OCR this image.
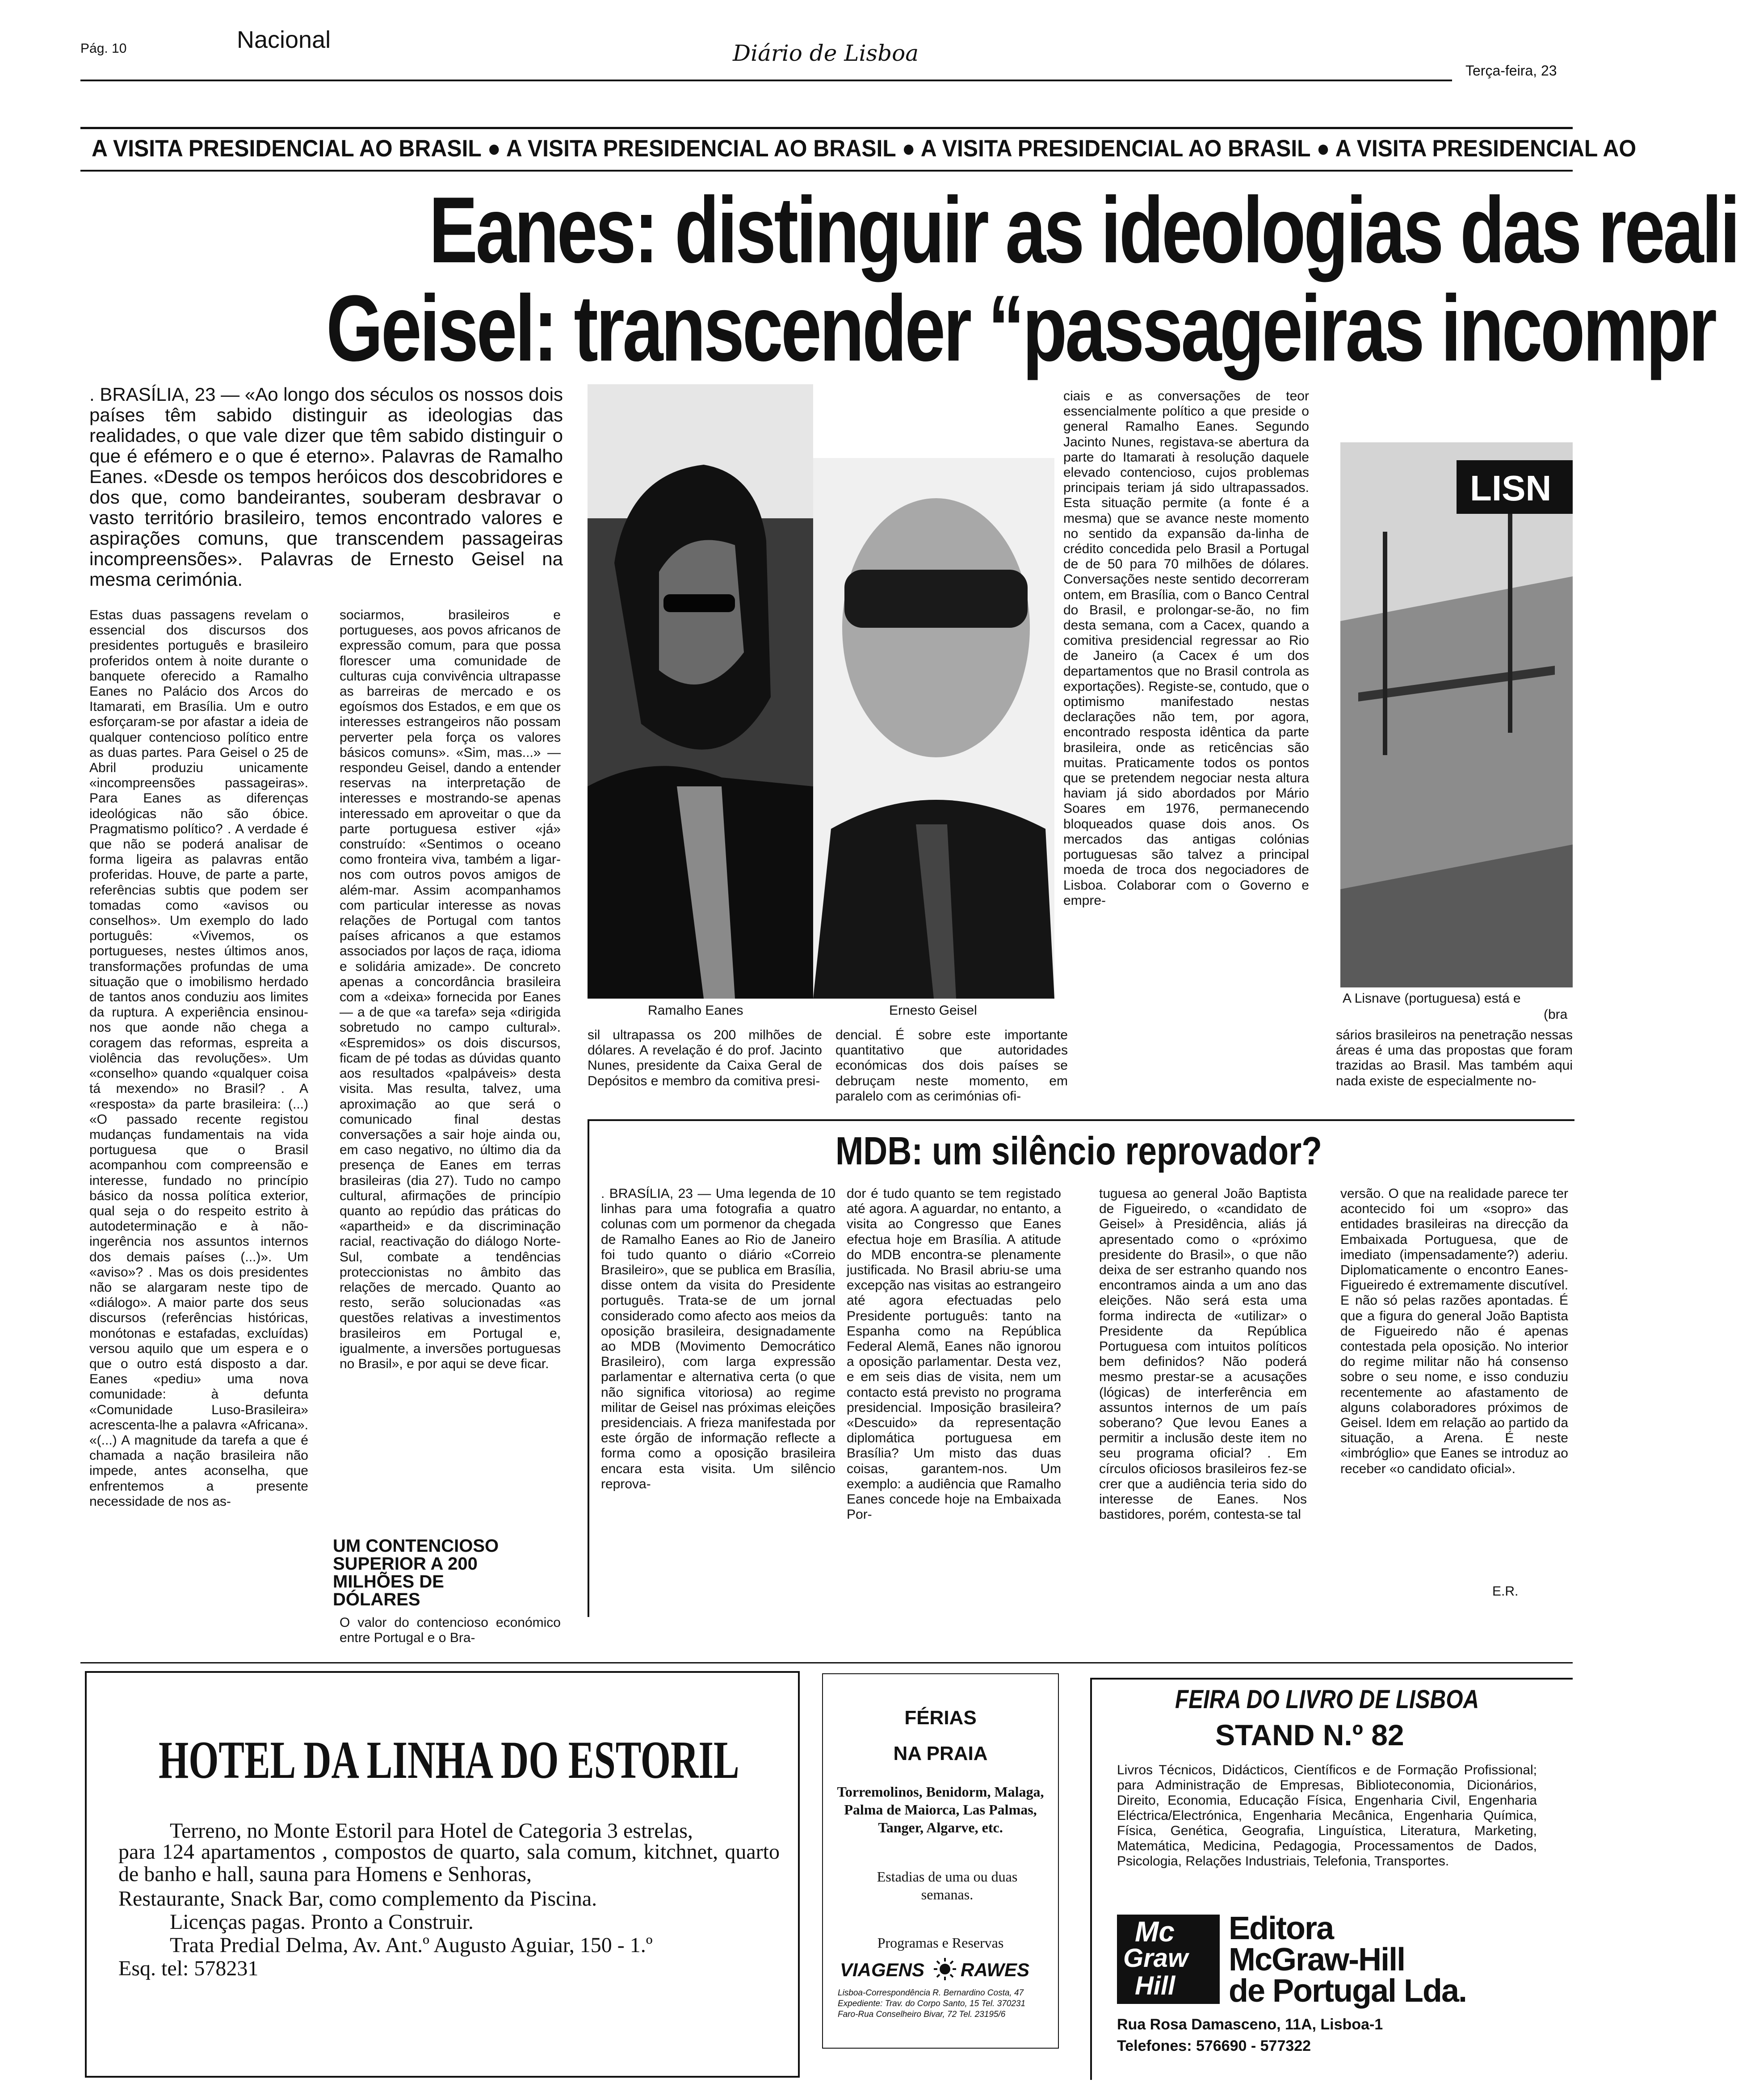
Pág. 10	Nacional	Diário de Lisboa
Terça-feira, 23
A VISITA PRESIDENCIAL AO BRASIL ● A VISITA PRESIDENCIAL AO BRASIL ● A VISITA PRESIDENCIAL AO BRASIL ● A VISITA PRESIDENCIAL AO
Eanes: distinguir as ideologias das reali
Geisel: transcender “passageiras incompr
. BRASÍLIA, 23 — «Ao longo dos séculos os nossos dois países têm sabido distinguir as ideologias das realidades, o que vale dizer que têm sabido distinguir o que é efémero e o que é eterno». Palavras de Ramalho Eanes. «Desde os tempos heróicos dos descobridores e dos que, como bandeirantes, souberam desbravar o vasto território brasileiro, temos encontrado valores e aspirações comuns, que transcendem passageiras incompreensões». Palavras de Ernesto Geisel na mesma cerimónia.
Estas duas passagens revelam o essencial dos discursos dos presidentes português e brasileiro proferidos ontem à noite durante o banquete oferecido a Ramalho Eanes no Palácio dos Arcos do Itamarati, em Brasília. Um e outro esforçaram-se por afastar a ideia de qualquer contencioso político entre as duas partes. Para Geisel o 25 de Abril produziu unicamente «incompreensões passageiras». Para Eanes as diferenças ideológicas não são óbice. Pragmatismo político? . A verdade é que não se poderá analisar de forma ligeira as palavras então proferidas. Houve, de parte a parte, referências subtis que podem ser tomadas como «avisos ou conselhos». Um exemplo do lado português: «Vivemos, os portugueses, nestes últimos anos, transformações profundas de uma situação que o imobilismo herdado de tantos anos conduziu aos limites da ruptura. A experiência ensinou-nos que aonde não chega a coragem das reformas, espreita a violência das revoluções». Um «conselho» quando «qualquer coisa tá mexendo» no Brasil? . A «resposta» da parte brasileira: (...) «O passado recente registou mudanças fundamentais na vida portuguesa que o Brasil acompanhou com compreensão e interesse, fundado no princípio básico da nossa política exterior, qual seja o do respeito estrito à autodeterminação e à não-ingerência nos assuntos internos dos demais países (...)». Um «aviso»? . Mas os dois presidentes não se alargaram neste tipo de «diálogo». A maior parte dos seus discursos (referências históricas, monótonas e estafadas, excluídas) versou aquilo que um espera e o que o outro está disposto a dar. Eanes «pediu» uma nova comunidade: à defunta «Comunidade Luso-Brasileira» acrescenta-lhe a palavra «Africana». «(...) A magnitude da tarefa a que é chamada a nação brasileira não impede, antes aconselha, que enfrentemos a presente necessidade de nos as-
sociarmos, brasileiros e portugueses, aos povos africanos de expressão comum, para que possa florescer uma comunidade de culturas cuja convivência ultrapasse as barreiras de mercado e os egoísmos dos Estados, e em que os interesses estrangeiros não possam perverter pela força os valores básicos comuns». «Sim, mas...» — respondeu Geisel, dando a entender reservas na interpretação de interesses e mostrando-se apenas interessado em aproveitar o que da parte portuguesa estiver «já» construído: «Sentimos o oceano como fronteira viva, também a ligar-nos com outros povos amigos de além-mar. Assim acompanhamos com particular interesse as novas relações de Portugal com tantos países africanos a que estamos associados por laços de raça, idioma e solidária amizade». De concreto apenas a concordância brasileira com a «deixa» fornecida por Eanes — a de que «a tarefa» seja «dirigida sobretudo no campo cultural». «Espremidos» os dois discursos, ficam de pé todas as dúvidas quanto aos resultados «palpáveis» desta visita. Mas resulta, talvez, uma aproximação ao que será o comunicado final destas conversações a sair hoje ainda ou, em caso negativo, no último dia da presença de Eanes em terras brasileiras (dia 27). Tudo no campo cultural, afirmações de princípio quanto ao repúdio das práticas do «apartheid» e da discriminação racial, reactivação do diálogo Norte-Sul, combate a tendências proteccionistas no âmbito das relações de mercado. Quanto ao resto, serão solucionadas «as questões relativas a investimentos brasileiros em Portugal e, igualmente, a inversões portuguesas no Brasil», e por aqui se deve ficar.
UM CONTENCIOSO SUPERIOR A 200 MILHÕES DE DÓLARES
O valor do contencioso económico entre Portugal e o Bra-
Ramalho Eanes	Ernesto Geisel
sil ultrapassa os 200 milhões de dólares. A revelação é do prof. Jacinto Nunes, presidente da Caixa Geral de Depósitos e membro da comitiva presi-
dencial. É sobre este importante quantitativo que autoridades económicas dos dois países se debruçam neste momento, em paralelo com as cerimónias ofi-
ciais e as conversações de teor essencialmente político a que preside o general Ramalho Eanes. Segundo Jacinto Nunes, registava-se abertura da parte do Itamarati à resolução daquele elevado contencioso, cujos problemas principais teriam já sido ultrapassados. Esta situação permite (a fonte é a mesma) que se avance neste momento no sentido da expansão da-linha de crédito concedida pelo Brasil a Portugal de de 50 para 70 milhões de dólares. Conversações neste sentido decorreram ontem, em Brasília, com o Banco Central do Brasil, e prolongar-se-ão, no fim desta semana, com a Cacex, quando a comitiva presidencial regressar ao Rio de Janeiro (a Cacex é um dos departamentos que no Brasil controla as exportações). Registe-se, contudo, que o optimismo manifestado nestas declarações não tem, por agora, encontrado resposta idêntica da parte brasileira, onde as reticências são muitas. Praticamente todos os pontos que se pretendem negociar nesta altura haviam já sido abordados por Mário Soares em 1976, permanecendo bloqueados quase dois anos. Os mercados das antigas colónias portuguesas são talvez a principal moeda de troca dos negociadores de Lisboa. Colaborar com o Governo e empre-
LISN
A Lisnave (portuguesa) está e
(bra
sários brasileiros na penetração nessas áreas é uma das propostas que foram trazidas ao Brasil. Mas também aqui nada existe de especialmente no-
MDB: um silêncio reprovador?
. BRASÍLIA, 23 — Uma legenda de 10 linhas para uma fotografia a quatro colunas com um pormenor da chegada de Ramalho Eanes ao Rio de Janeiro foi tudo quanto o diário «Correio Brasileiro», que se publica em Brasília, disse ontem da visita do Presidente português. Trata-se de um jornal considerado como afecto aos meios da oposição brasileira, designadamente ao MDB (Movimento Democrático Brasileiro), com larga expressão parlamentar e alternativa certa (o que não significa vitoriosa) ao regime militar de Geisel nas próximas eleições presidenciais. A frieza manifestada por este órgão de informação reflecte a forma como a oposição brasileira encara esta visita. Um silêncio reprova-
dor é tudo quanto se tem registado até agora. A aguardar, no entanto, a visita ao Congresso que Eanes efectua hoje em Brasília. A atitude do MDB encontra-se plenamente justificada. No Brasil abriu-se uma excepção nas visitas ao estrangeiro até agora efectuadas pelo Presidente português: tanto na Espanha como na República Federal Alemã, Eanes não ignorou a oposição parlamentar. Desta vez, e em seis dias de visita, nem um contacto está previsto no programa presidencial. Imposição brasileira? «Descuido» da representação diplomática portuguesa em Brasília? Um misto das duas coisas, garantem-nos. Um exemplo: a audiência que Ramalho Eanes concede hoje na Embaixada Por-
tuguesa ao general João Baptista de Figueiredo, o «candidato de Geisel» à Presidência, aliás já apresentado como o «próximo presidente do Brasil», o que não deixa de ser estranho quando nos encontramos ainda a um ano das eleições. Não será esta uma forma indirecta de «utilizar» o Presidente da República Portuguesa com intuitos políticos bem definidos? Não poderá mesmo prestar-se a acusações (lógicas) de interferência em assuntos internos de um país soberano? Que levou Eanes a permitir a inclusão deste item no seu programa oficial? . Em círculos oficiosos brasileiros fez-se crer que a audiência teria sido do interesse de Eanes. Nos bastidores, porém, contesta-se tal
versão. O que na realidade parece ter acontecido foi um «sopro» das entidades brasileiras na direcção da Embaixada Portuguesa, que de imediato (impensadamente?) aderiu. Diplomaticamente o encontro Eanes-Figueiredo é extremamente discutível. E não só pelas razões apontadas. É que a figura do general João Baptista de Figueiredo não é apenas contestada pela oposição. No interior do regime militar não há consenso sobre o seu nome, e isso conduziu recentemente ao afastamento de alguns colaboradores próximos de Geisel. Idem em relação ao partido da situação, a Arena. É neste «imbróglio» que Eanes se introduz ao receber «o candidato oficial».
E.R.
HOTEL DA LINHA DO ESTORIL
Terreno, no Monte Estoril para Hotel de Categoria 3 estrelas,
para 124 apartamentos , compostos de quarto, sala comum, kitchnet, quarto de banho e hall, sauna para Homens e Senhoras,
Restaurante, Snack Bar, como complemento da Piscina.
Licenças pagas. Pronto a Construir.
Trata Predial Delma, Av. Ant.º Augusto Aguiar, 150 - 1.º
Esq. tel: 578231
FÉRIAS
NA PRAIA
Torremolinos, Benidorm, Malaga, Palma de Maiorca, Las Palmas, Tanger, Algarve, etc.
Estadias de uma ou duas semanas.
Programas e Reservas
VIAGENS RAWES
Lisboa-Correspondência R. Bernardino Costa, 47
Expediente: Trav. do Corpo Santo, 15 Tel. 370231
Faro-Rua Conselheiro Bivar, 72 Tel. 23195/6
FEIRA DO LIVRO DE LISBOA
STAND N.º 82
Livros Técnicos, Didácticos, Científicos e de Formação Profissional; para Administração de Empresas, Biblioteconomia, Dicionários, Direito, Economia, Educação Física, Engenharia Civil, Engenharia Eléctrica/Electrónica, Engenharia Mecânica, Engenharia Química, Física, Genética, Geografia, Linguística, Literatura, Marketing, Matemática, Medicina, Pedagogia, Processamentos de Dados, Psicologia, Relações Industriais, Telefonia, Transportes.
Mc
Graw
Hill
Editora
McGraw-Hill
de Portugal Lda.
Rua Rosa Damasceno, 11A, Lisboa-1
Telefones: 576690 - 577322
